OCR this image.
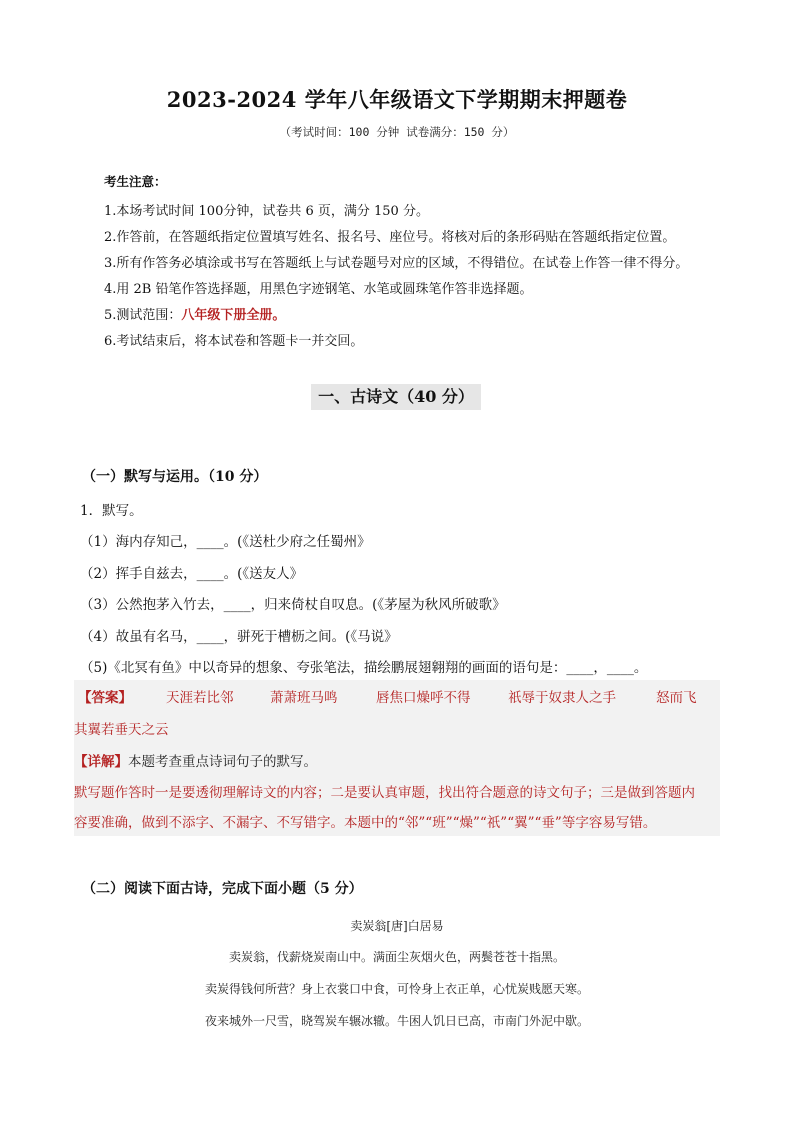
2023-2024 学年八年级语文下学期期末押题卷
（考试时间：100 分钟 试卷满分：150 分）
考生注意：
1.本场考试时间 100分钟，试卷共 6 页，满分 150 分。
2.作答前，在答题纸指定位置填写姓名、报名号、座位号。将核对后的条形码贴在答题纸指定位置。
3.所有作答务必填涂或书写在答题纸上与试卷题号对应的区域，不得错位。在试卷上作答一律不得分。
4.用 2B 铅笔作答选择题，用黑色字迹钢笔、水笔或圆珠笔作答非选择题。
5.测试范围：八年级下册全册。
6.考试结束后，将本试卷和答题卡一并交回。
一、古诗文（40 分）
（一）默写与运用。（10 分）
1．默写。
（1）海内存知己，____。(《送杜少府之任蜀州》
（2）挥手自兹去，____。(《送友人》
（3）公然抱茅入竹去，____，归来倚杖自叹息。(《茅屋为秋风所破歌》
（4）故虽有名马，____，骈死于槽枥之间。(《马说》
（5)《北冥有鱼》中以奇异的想象、夸张笔法，描绘鹏展翅翱翔的画面的语句是：____，____。
【答案】	天涯若比邻	萧萧班马鸣	唇焦口燥呼不得	祇辱于奴隶人之手	怒而飞
其翼若垂天之云
【详解】本题考查重点诗词句子的默写。
默写题作答时一是要透彻理解诗文的内容；二是要认真审题，找出符合题意的诗文句子；三是做到答题内
容要准确，做到不添字、不漏字、不写错字。本题中的“邻”“班”“燥”“祇”“翼”“垂”等字容易写错。
（二）阅读下面古诗，完成下面小题（5 分）
卖炭翁[唐]白居易
卖炭翁，伐薪烧炭南山中。满面尘灰烟火色，两鬓苍苍十指黑。
卖炭得钱何所营？身上衣裳口中食，可怜身上衣正单，心忧炭贱愿天寒。
夜来城外一尺雪，晓驾炭车辗冰辙。牛困人饥日已高，市南门外泥中歇。
